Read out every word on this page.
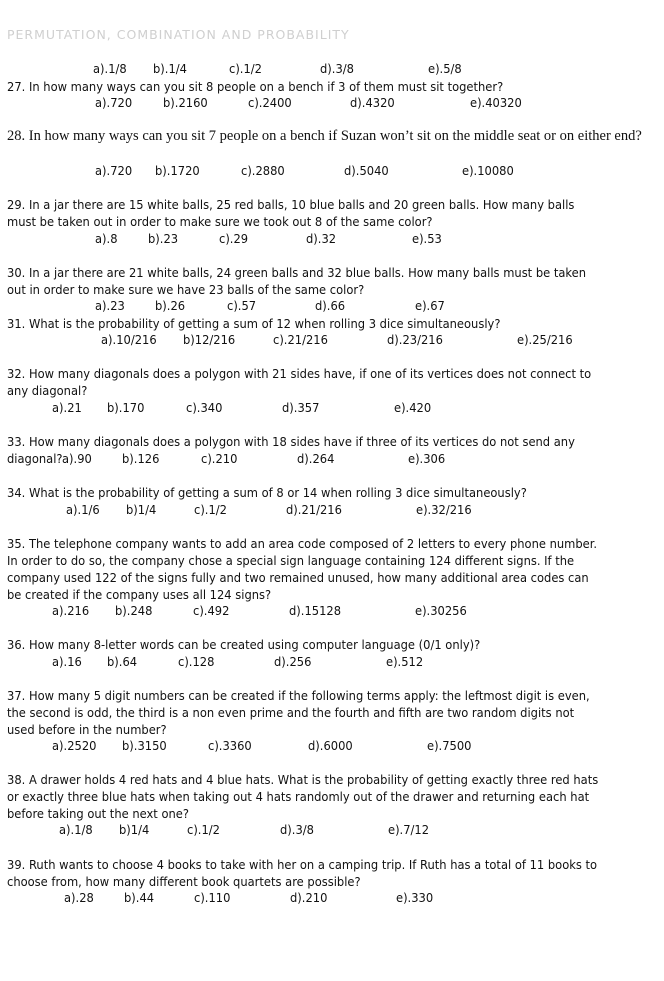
PERMUTATION, COMBINATION AND PROBABILITY
a).1/8 b).1/4	c).1/2	d).3/8	e).5/8
27. In how many ways can you sit 8 people on a bench if 3 of them must sit together?
a).720 b).2160	c).2400	d).4320	e).40320
28. In how many ways can you sit 7 people on a bench if Suzan won’t sit on the middle seat or on either end?
a).720 b).1720	c).2880	d).5040	e).10080
29. In a jar there are 15 white balls, 25 red balls, 10 blue balls and 20 green balls. How many balls must be taken out in order to make sure we took out 8 of the same color?
a).8 b).23	c).29	d).32	e).53
30. In a jar there are 21 white balls, 24 green balls and 32 blue balls. How many balls must be taken out in order to make sure we have 23 balls of the same color?
a).23 b).26	c).57	d).66	e).67
31. What is the probability of getting a sum of 12 when rolling 3 dice simultaneously?
a).10/216 b)12/216	c).21/216	d).23/216	e).25/216
32. How many diagonals does a polygon with 21 sides have, if one of its vertices does not connect to any diagonal?
a).21 b).170	c).340	d).357	e).420
33. How many diagonals does a polygon with 18 sides have if three of its vertices do not send any diagonal? a).90 b).126	c).210	d).264	e).306
34. What is the probability of getting a sum of 8 or 14 when rolling 3 dice simultaneously?
a).1/6 b)1/4	c).1/2	d).21/216	e).32/216
35. The telephone company wants to add an area code composed of 2 letters to every phone number. In order to do so, the company chose a special sign language containing 124 different signs. If the company used 122 of the signs fully and two remained unused, how many additional area codes can be created if the company uses all 124 signs?
a).216 b).248	c).492	d).15128	e).30256
36. How many 8-letter words can be created using computer language (0/1 only)?
a).16 b).64	c).128	d).256	e).512
37. How many 5 digit numbers can be created if the following terms apply: the leftmost digit is even, the second is odd, the third is a non even prime and the fourth and fifth are two random digits not used before in the number?
a).2520 b).3150	c).3360	d).6000	e).7500
38. A drawer holds 4 red hats and 4 blue hats. What is the probability of getting exactly three red hats or exactly three blue hats when taking out 4 hats randomly out of the drawer and returning each hat before taking out the next one?
a).1/8 b)1/4	c).1/2	d).3/8	e).7/12
39. Ruth wants to choose 4 books to take with her on a camping trip. If Ruth has a total of 11 books to choose from, how many different book quartets are possible?
a).28 b).44	c).110	d).210	e).330
